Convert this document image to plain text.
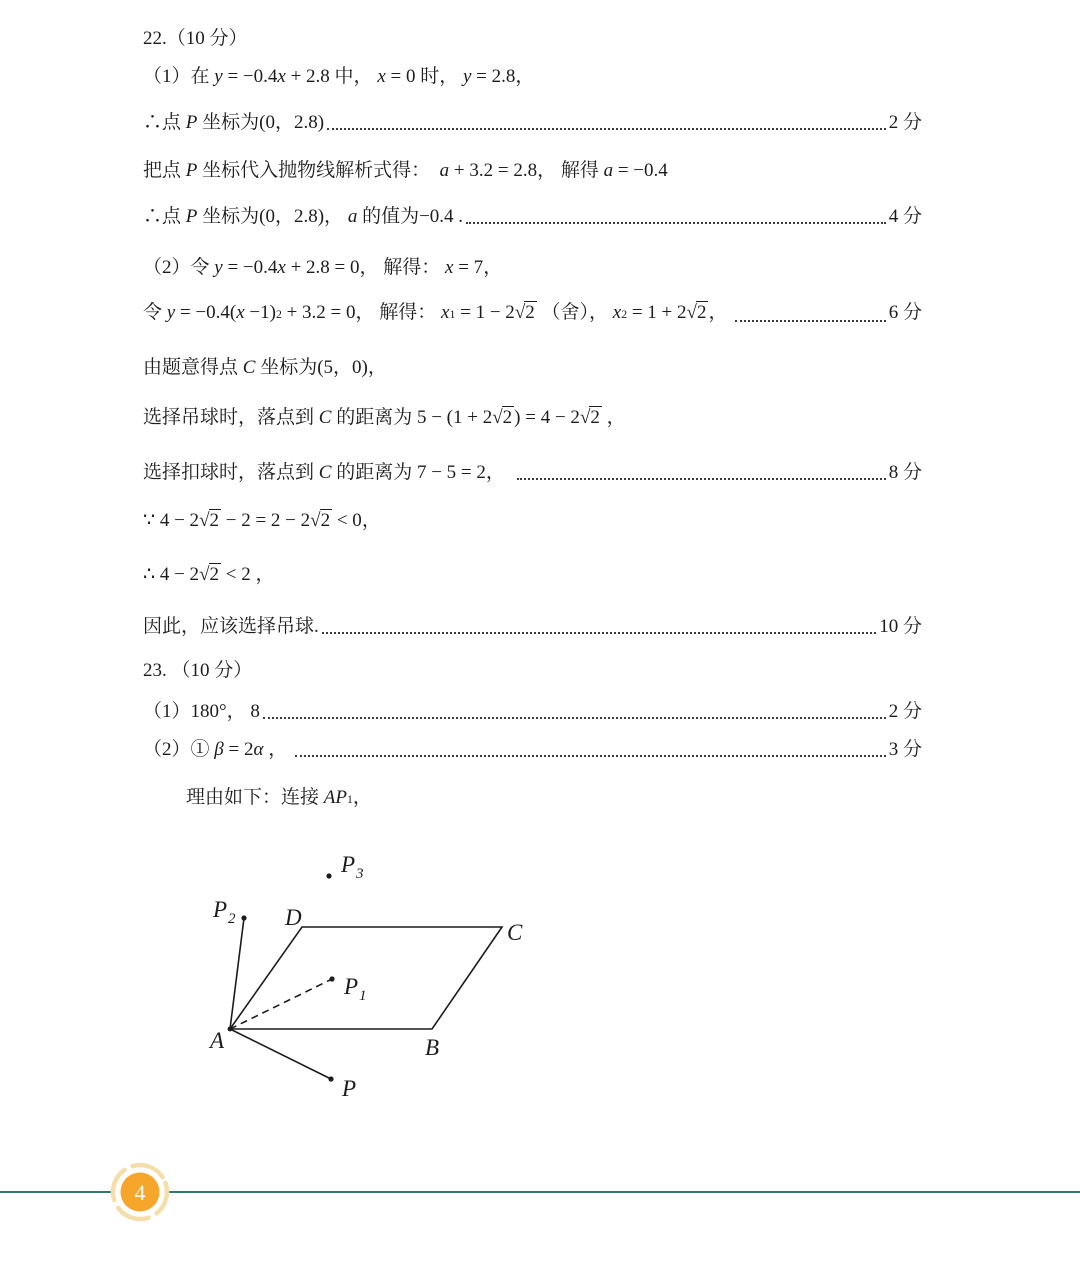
22.（10 分）
（1）在 y = −0.4 x + 2.8 中， x = 0 时， y = 2.8 ，
∴点 P 坐标为 (0，2.8)	2 分
把点 P 坐标代入抛物线解析式得： a + 3.2 = 2.8 ， 解得 a = −0.4
∴点 P 坐标为 (0，2.8) ， a 的值为 −0.4 .	4 分
（2）令 y = −0.4 x + 2.8 = 0 ， 解得： x = 7 ，
令 y = −0.4( x −1) 2 + 3.2 = 0 ， 解得： x 1 = 1 − 2 √2 （舍）， x 2 = 1 + 2 √2 ，	6 分
由题意得点 C 坐标为 (5，0) ，
选择吊球时，落点到 C 的距离为 5 − (1 + 2 √2 ) = 4 − 2 √2 ，
选择扣球时，落点到 C 的距离为 7 − 5 = 2 ，	8 分
∵ 4 − 2 √2 − 2 = 2 − 2 √2 < 0 ，
∴ 4 − 2 √2 < 2 ，
因此，应该选择吊球.	10 分
23. （10 分）
（1） 180° ， 8	2 分
（2）① β = 2 α ，	3 分
理由如下：连接 AP 1 ，
A	B
C
D
P
P 1
P 2
P 3
4
